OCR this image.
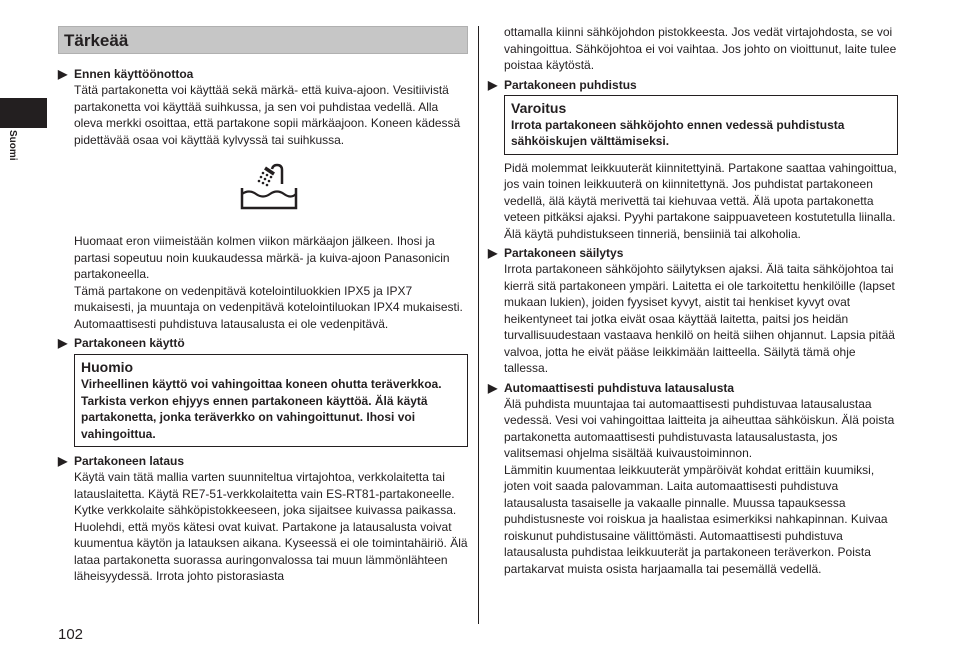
Suomi
Tärkeää

▶ Ennen käyttöönottoa

Tätä partakonetta voi käyttää sekä märkä- että kuiva-ajoon. Vesitiivistä partakonetta voi käyttää suihkussa, ja sen voi puhdistaa vedellä. Alla oleva merkki osoittaa, että partakone sopii märkäajoon. Koneen kädessä pidettävää osaa voi käyttää kylvyssä tai suihkussa.

Huomaat eron viimeistään kolmen viikon märkäajon jälkeen. Ihosi ja partasi sopeutuu noin kuukaudessa märkä- ja kuiva-ajoon Panasonicin partakoneella.

Tämä partakone on vedenpitävä kotelointiluokkien IPX5 ja IPX7 mukaisesti, ja muuntaja on vedenpitävä kotelointiluokan IPX4 mukaisesti.

Automaattisesti puhdistuva latausalusta ei ole vedenpitävä.

▶ Partakoneen käyttö

Huomio
Virheellinen käyttö voi vahingoittaa koneen ohutta teräverkkoa. Tarkista verkon ehjyys ennen partakoneen käyttöä. Älä käytä partakonetta, jonka teräverkko on vahingoittunut. Ihosi voi vahingoittua.

▶ Partakoneen lataus

Käytä vain tätä mallia varten suunniteltua virtajohtoa, verkkolaitetta tai latauslaitetta. Käytä RE7-51-verkkolaitetta vain ES-RT81-partakoneelle. Kytke verkkolaite sähköpistokkeeseen, joka sijaitsee kuivassa paikassa. Huolehdi, että myös kätesi ovat kuivat. Partakone ja latausalusta voivat kuumentua käytön ja latauksen aikana. Kyseessä ei ole toimintahäiriö. Älä lataa partakonetta suorassa auringonvalossa tai muun lämmönlähteen läheisyydessä. Irrota johto pistorasiasta

ottamalla kiinni sähköjohdon pistokkeesta. Jos vedät virtajohdosta, se voi vahingoittua. Sähköjohtoa ei voi vaihtaa. Jos johto on vioittunut, laite tulee poistaa käytöstä.

▶ Partakoneen puhdistus

Varoitus
Irrota partakoneen sähköjohto ennen vedessä puhdistusta sähköiskujen välttämiseksi.

Pidä molemmat leikkuuterät kiinnitettyinä. Partakone saattaa vahingoittua, jos vain toinen leikkuuterä on kiinnitettynä. Jos puhdistat partakoneen vedellä, älä käytä merivettä tai kiehuvaa vettä. Älä upota partakonetta veteen pitkäksi ajaksi. Pyyhi partakone saippuaveteen kostutetulla liinalla. Älä käytä puhdistukseen tinneriä, bensiiniä tai alkoholia.

▶ Partakoneen säilytys

Irrota partakoneen sähköjohto säilytyksen ajaksi. Älä taita sähköjohtoa tai kierrä sitä partakoneen ympäri. Laitetta ei ole tarkoitettu henkilöille (lapset mukaan lukien), joiden fyysiset kyvyt, aistit tai henkiset kyvyt ovat heikentyneet tai jotka eivät osaa käyttää laitetta, paitsi jos heidän turvallisuudestaan vastaava henkilö on heitä siihen ohjannut. Lapsia pitää valvoa, jotta he eivät pääse leikkimään laitteella. Säilytä tämä ohje tallessa.

▶ Automaattisesti puhdistuva latausalusta

Älä puhdista muuntajaa tai automaattisesti puhdistuvaa latausalustaa vedessä. Vesi voi vahingoittaa laitteita ja aiheuttaa sähköiskun. Älä poista partakonetta automaattisesti puhdistuvasta latausalustasta, jos valitsemasi ohjelma sisältää kuivaustoiminnon.

Lämmitin kuumentaa leikkuuterät ympäröivät kohdat erittäin kuumiksi, joten voit saada palovamman. Laita automaattisesti puhdistuva latausalusta tasaiselle ja vakaalle pinnalle. Muussa tapauksessa puhdistusneste voi roiskua ja haalistaa esimerkiksi nahkapinnan. Kuivaa roiskunut puhdistusaine välittömästi. Automaattisesti puhdistuva latausalusta puhdistaa leikkuuterät ja partakoneen teräverkon. Poista partakarvat muista osista harjaamalla tai pesemällä vedellä.

102
